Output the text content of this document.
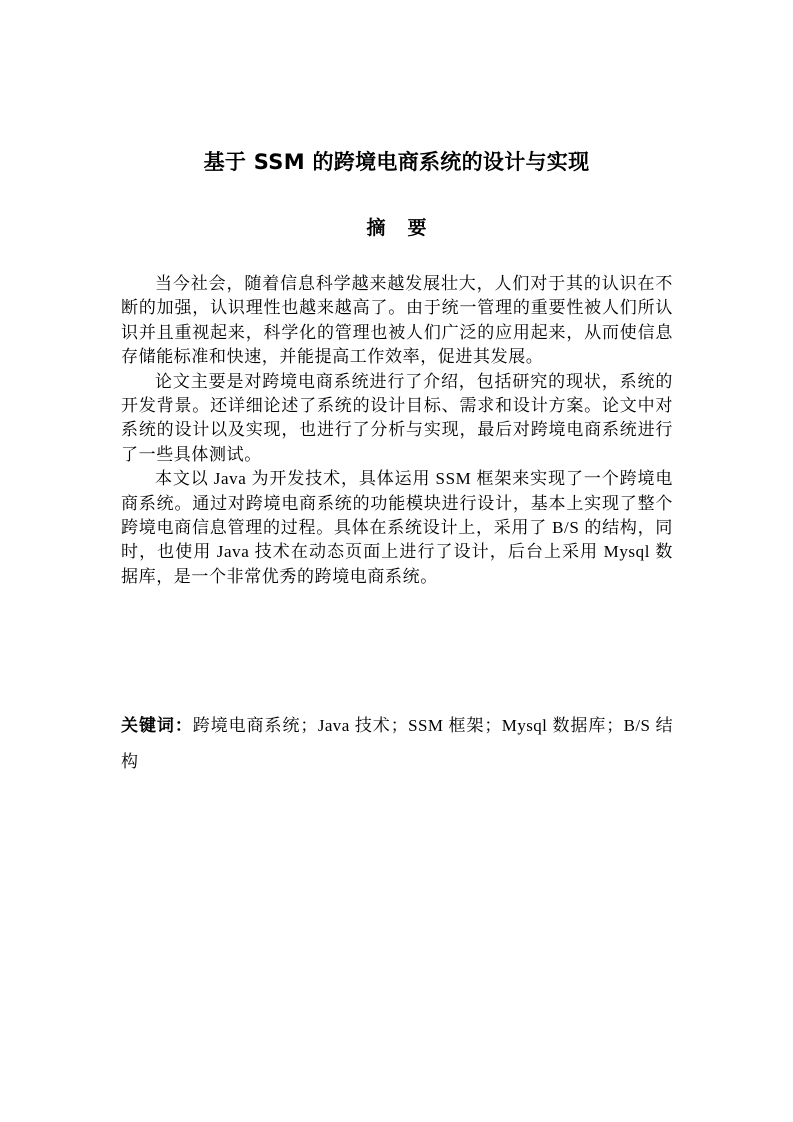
基于 SSM 的跨境电商系统的设计与实现
摘 要

当今社会，随着信息科学越来越发展壮大，人们对于其的认识在不断的加强，认识理性也越来越高了。由于统一管理的重要性被人们所认识并且重视起来，科学化的管理也被人们广泛的应用起来，从而使信息存储能标准和快速，并能提高工作效率，促进其发展。

论文主要是对跨境电商系统进行了介绍，包括研究的现状，系统的开发背景。还详细论述了系统的设计目标、需求和设计方案。论文中对系统的设计以及实现，也进行了分析与实现，最后对跨境电商系统进行了一些具体测试。

本文以 Java 为开发技术，具体运用 SSM 框架来实现了一个跨境电商系统。通过对跨境电商系统的功能模块进行设计，基本上实现了整个跨境电商信息管理的过程。具体在系统设计上，采用了 B/S 的结构，同时，也使用 Java 技术在动态页面上进行了设计，后台上采用 Mysql 数据库，是一个非常优秀的跨境电商系统。

关键词：跨境电商系统；Java 技术；SSM 框架；Mysql 数据库；B/S 结构
